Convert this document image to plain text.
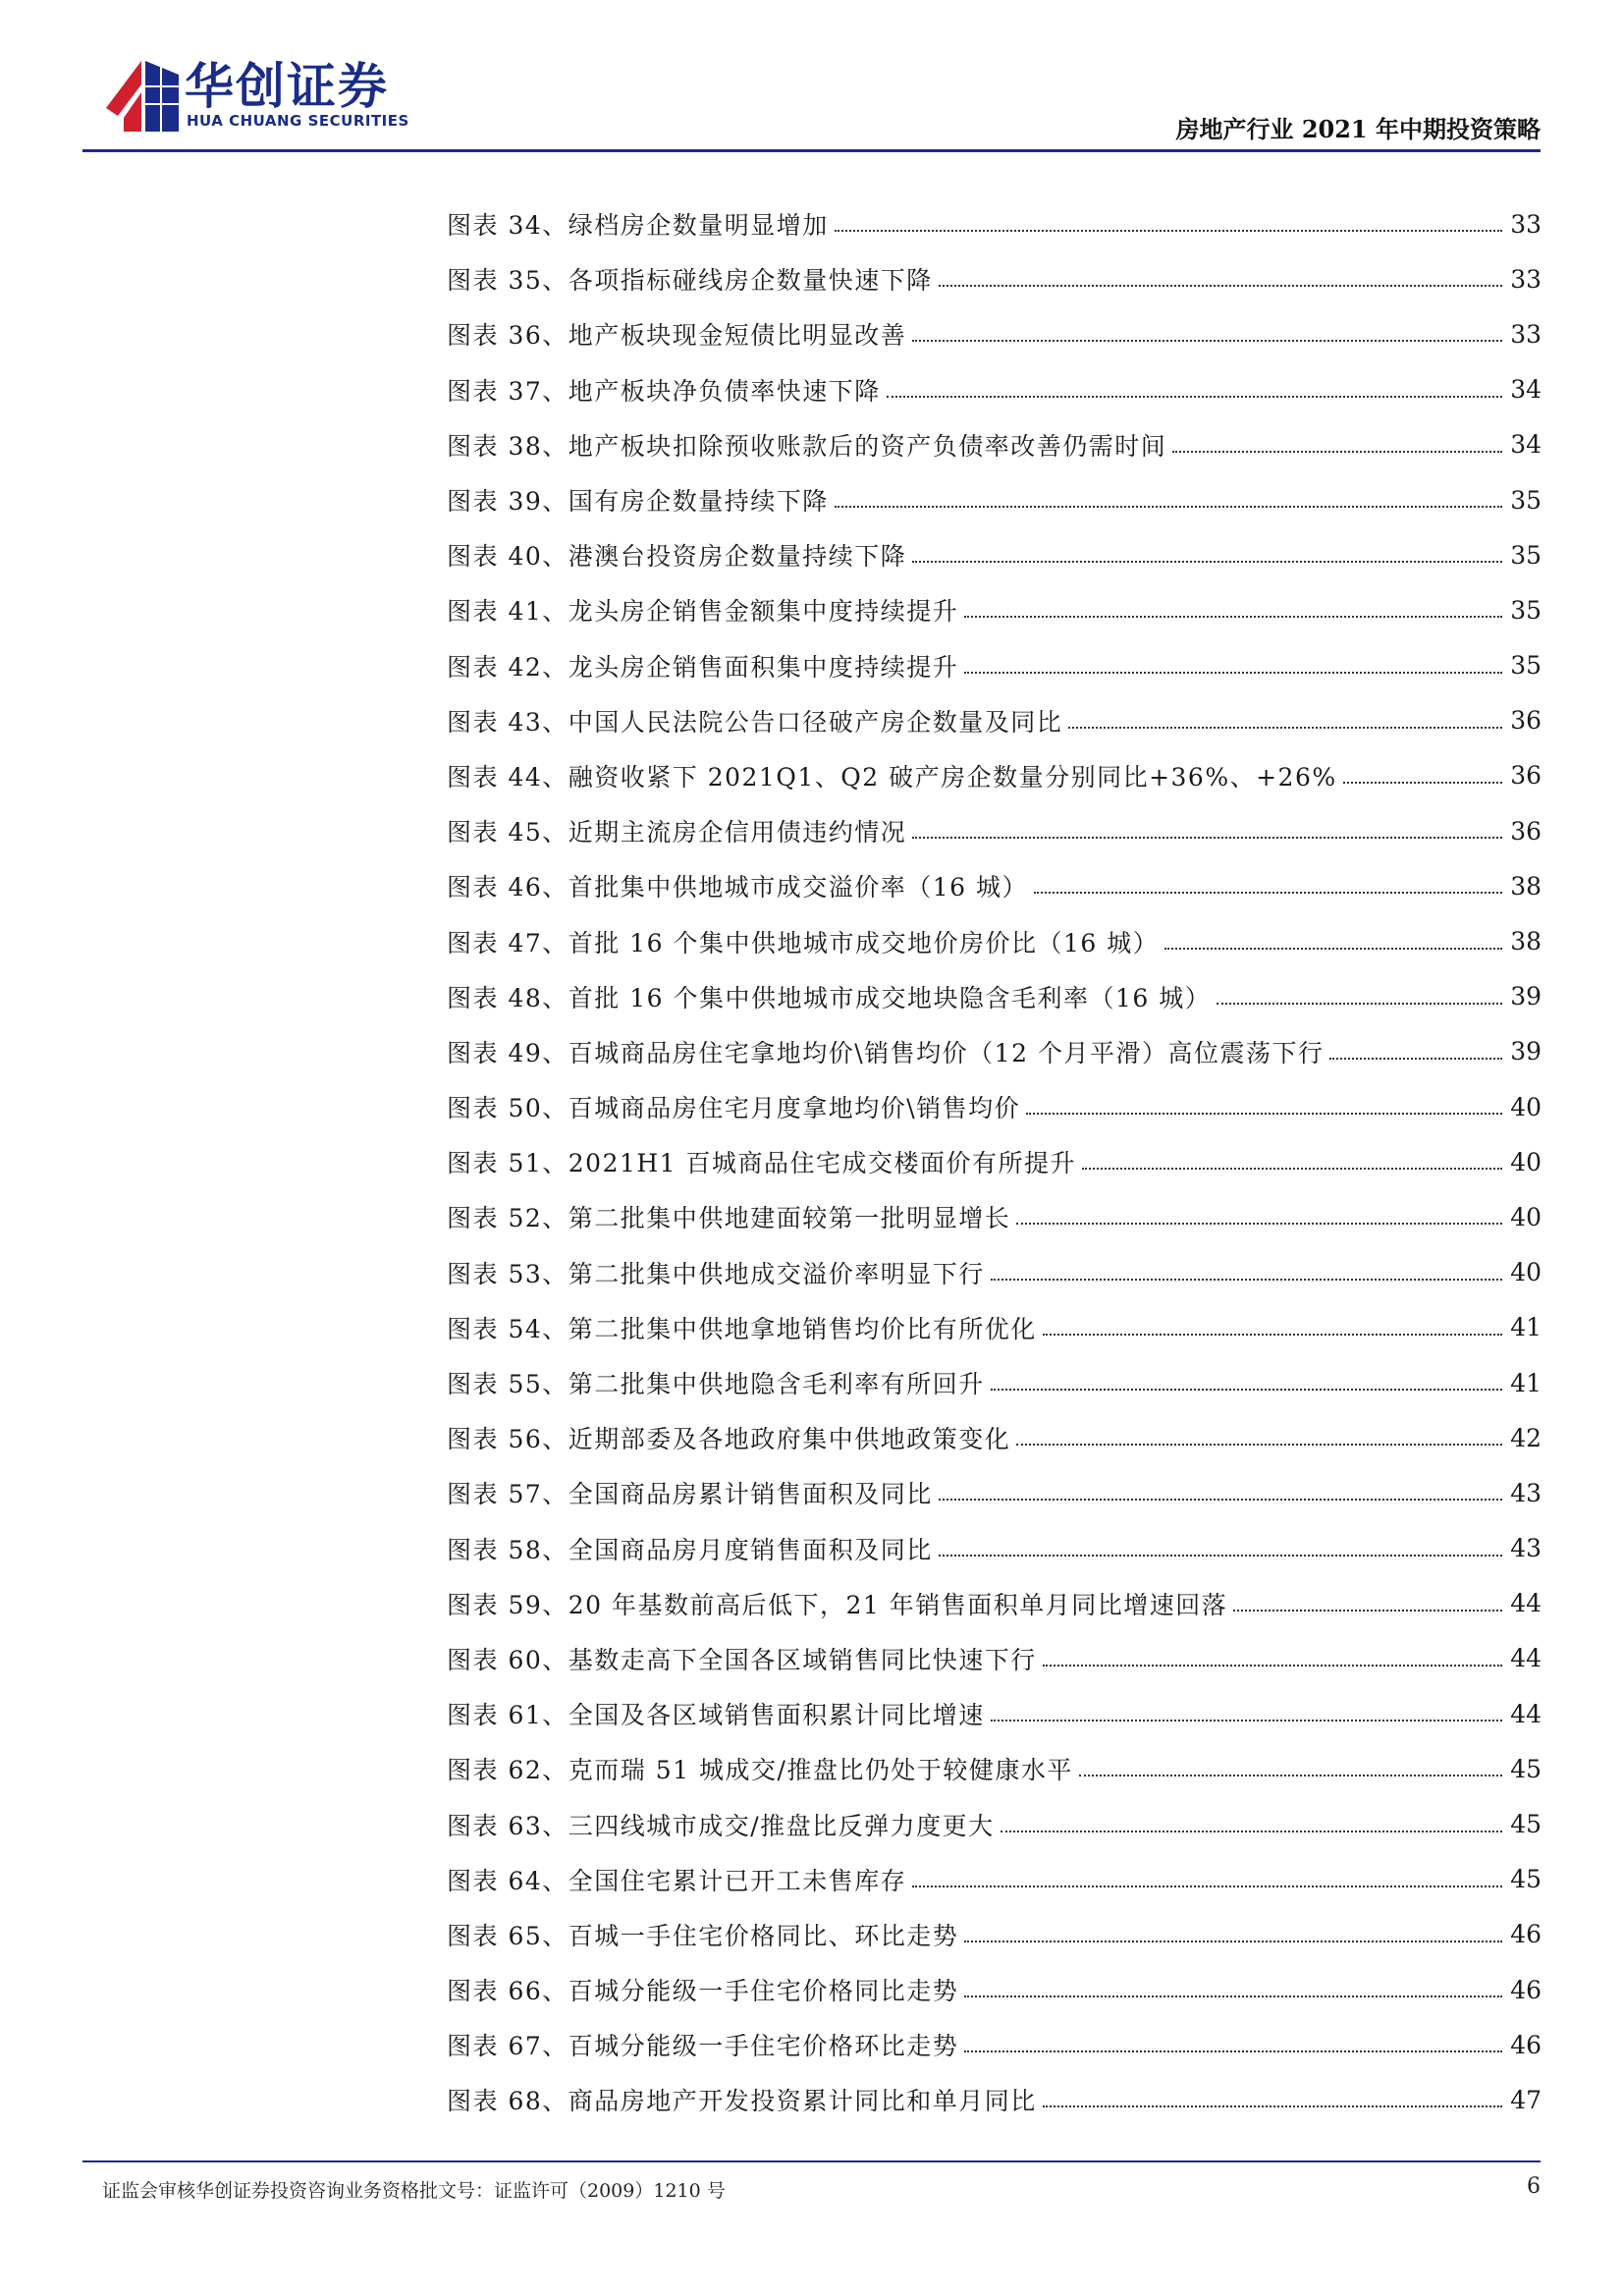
华创证券
HUA CHUANG SECURITIES	房地产行业 2021 年中期投资策略
图表 34、绿档房企数量明显增加	33
图表 35、各项指标碰线房企数量快速下降	33
图表 36、地产板块现金短债比明显改善	33
图表 37、地产板块净负债率快速下降	34
图表 38、地产板块扣除预收账款后的资产负债率改善仍需时间	34
图表 39、国有房企数量持续下降	35
图表 40、港澳台投资房企数量持续下降	35
图表 41、龙头房企销售金额集中度持续提升	35
图表 42、龙头房企销售面积集中度持续提升	35
图表 43、中国人民法院公告口径破产房企数量及同比	36
图表 44、融资收紧下 2021Q1、Q2 破产房企数量分别同比+36%、+26%	36
图表 45、近期主流房企信用债违约情况	36
图表 46、首批集中供地城市成交溢价率（16 城）	38
图表 47、首批 16 个集中供地城市成交地价房价比（16 城）	38
图表 48、首批 16 个集中供地城市成交地块隐含毛利率（16 城）	39
图表 49、百城商品房住宅拿地均价\销售均价（12 个月平滑）高位震荡下行	39
图表 50、百城商品房住宅月度拿地均价\销售均价	40
图表 51、2021H1 百城商品住宅成交楼面价有所提升	40
图表 52、第二批集中供地建面较第一批明显增长	40
图表 53、第二批集中供地成交溢价率明显下行	40
图表 54、第二批集中供地拿地销售均价比有所优化	41
图表 55、第二批集中供地隐含毛利率有所回升	41
图表 56、近期部委及各地政府集中供地政策变化	42
图表 57、全国商品房累计销售面积及同比	43
图表 58、全国商品房月度销售面积及同比	43
图表 59、20 年基数前高后低下，21 年销售面积单月同比增速回落	44
图表 60、基数走高下全国各区域销售同比快速下行	44
图表 61、全国及各区域销售面积累计同比增速	44
图表 62、克而瑞 51 城成交/推盘比仍处于较健康水平	45
图表 63、三四线城市成交/推盘比反弹力度更大	45
图表 64、全国住宅累计已开工未售库存	45
图表 65、百城一手住宅价格同比、环比走势	46
图表 66、百城分能级一手住宅价格同比走势	46
图表 67、百城分能级一手住宅价格环比走势	46
图表 68、商品房地产开发投资累计同比和单月同比	47
证监会审核华创证券投资咨询业务资格批文号：证监许可（2009）1210 号	6
